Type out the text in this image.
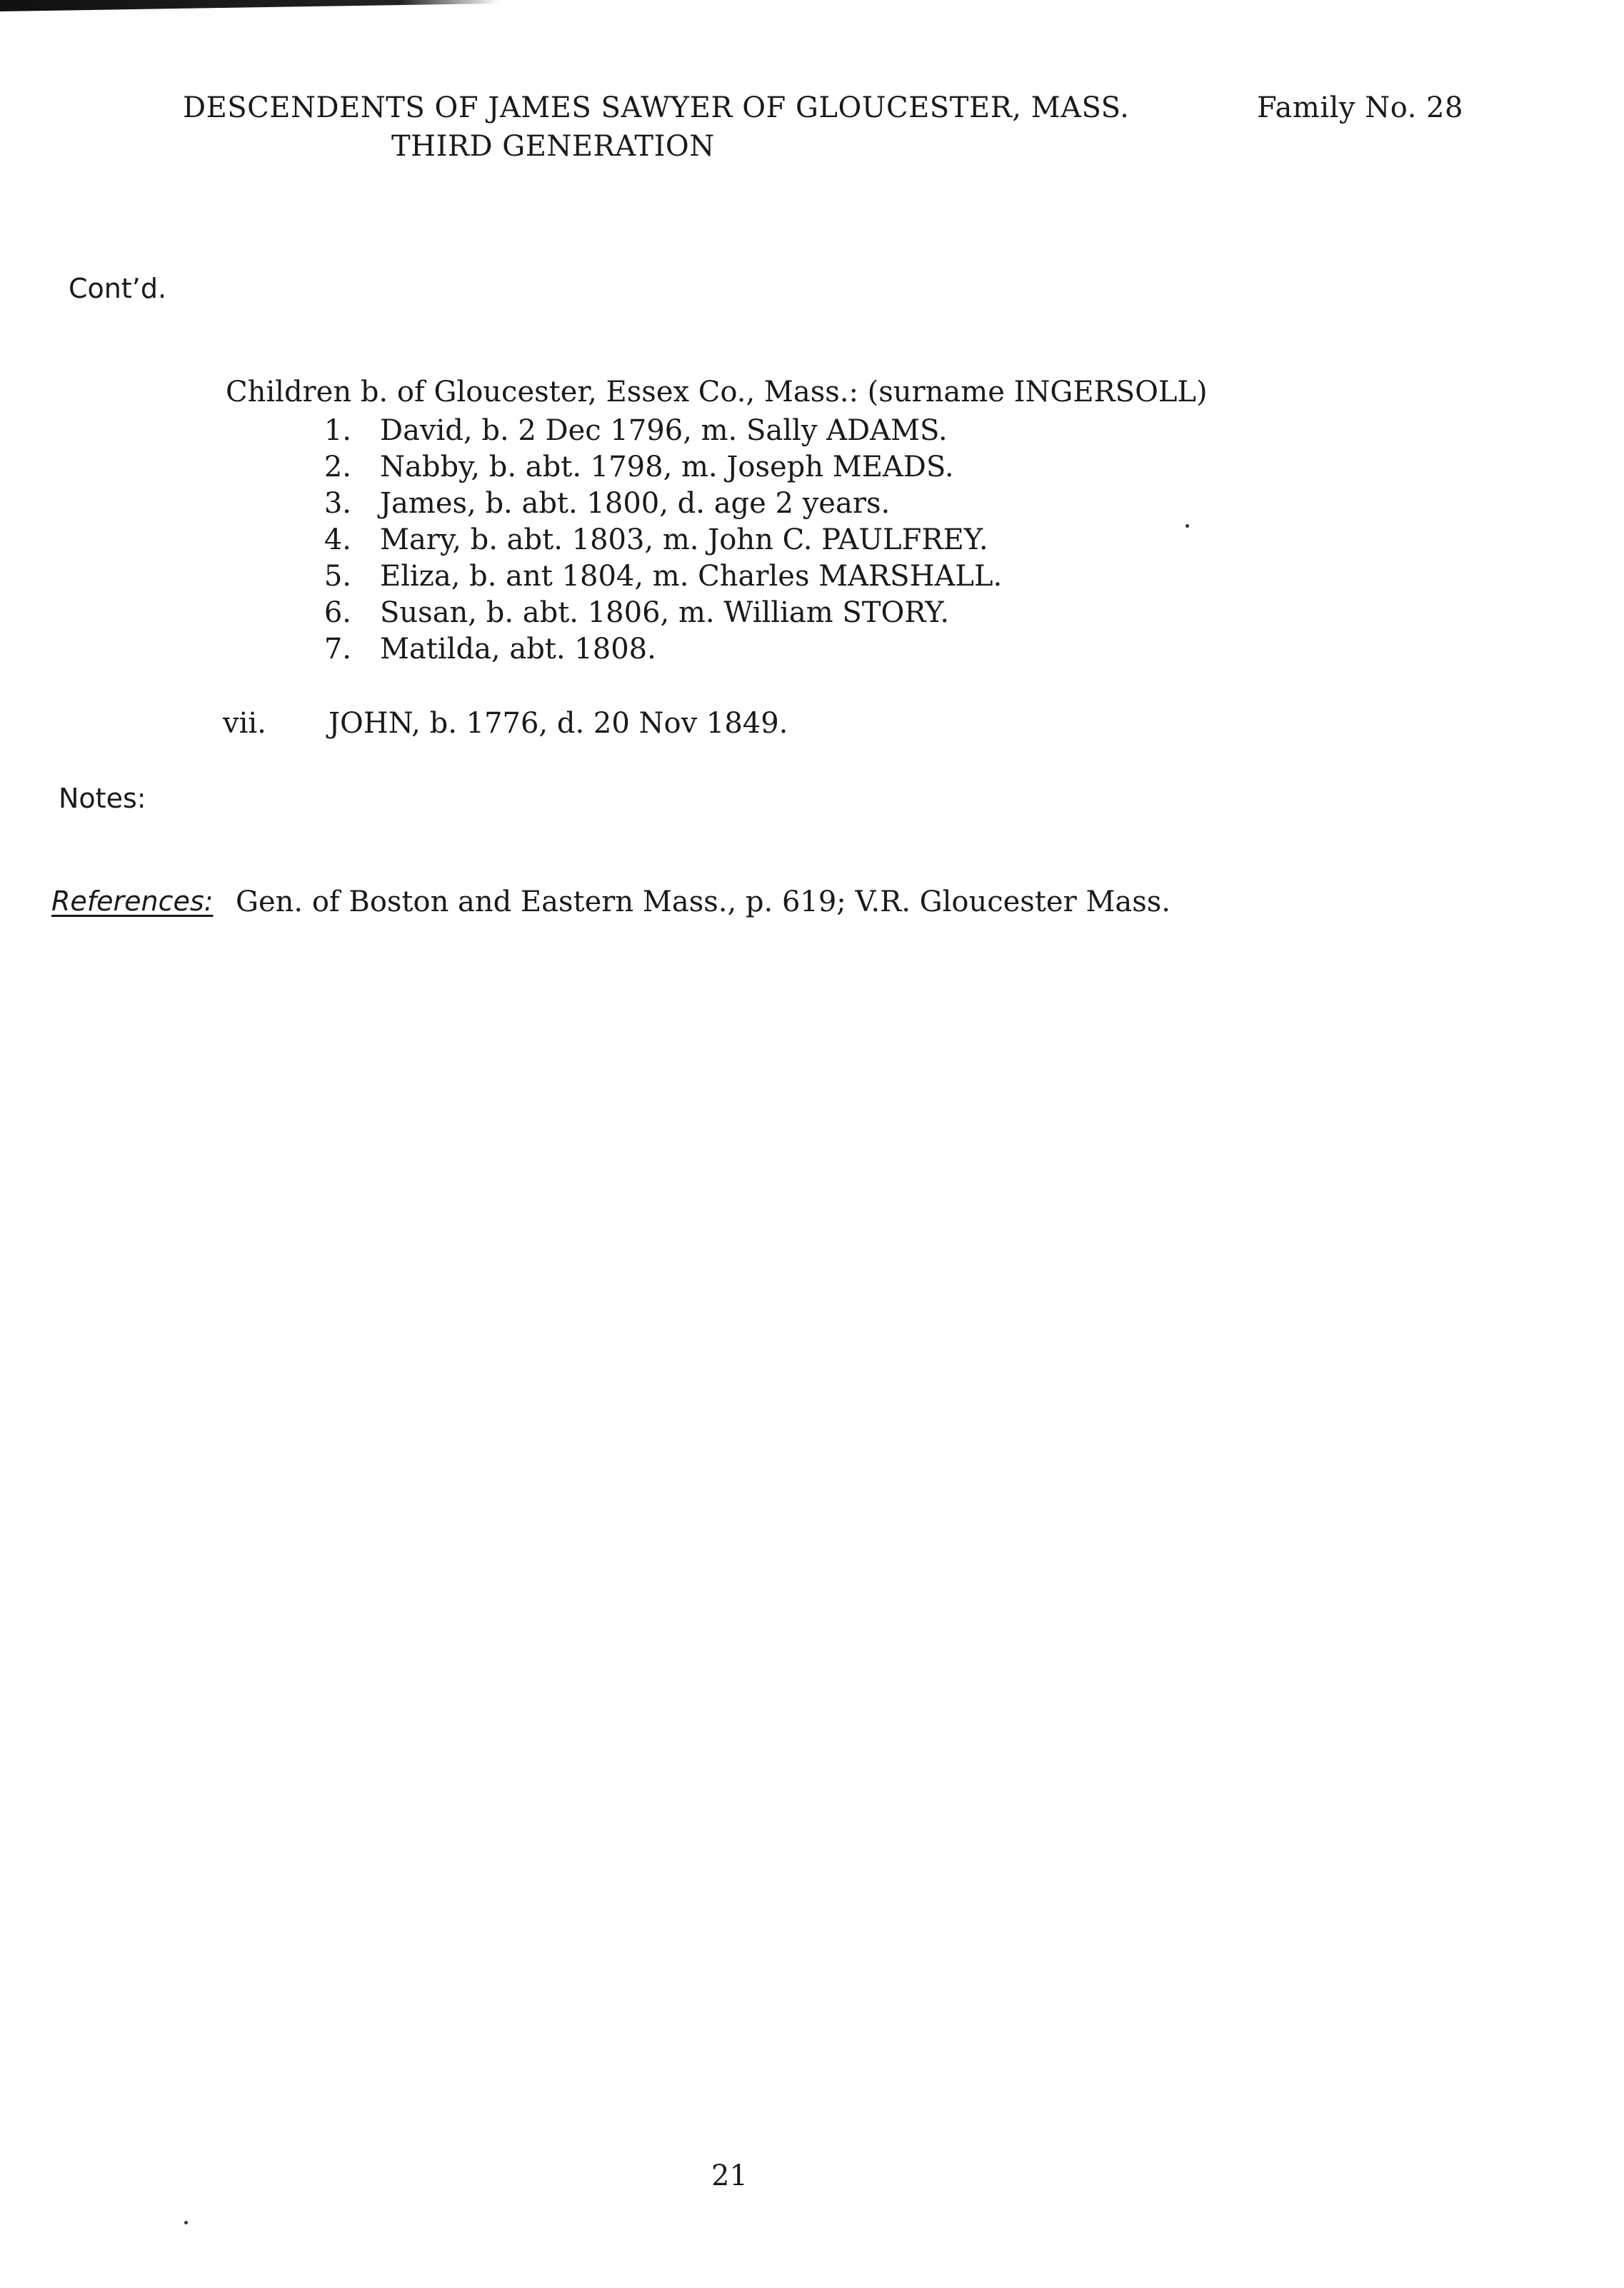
DESCENDENTS OF JAMES SAWYER OF GLOUCESTER, MASS.
THIRD GENERATION
Family No. 28
Cont’d.
Children b. of Gloucester, Essex Co., Mass.: (surname INGERSOLL)
1. David, b. 2 Dec 1796, m. Sally ADAMS.
2. Nabby, b. abt. 1798, m. Joseph MEADS.
3. James, b. abt. 1800, d. age 2 years.
4. Mary, b. abt. 1803, m. John C. PAULFREY.
5. Eliza, b. ant 1804, m. Charles MARSHALL.
6. Susan, b. abt. 1806, m. William STORY.
7. Matilda, abt. 1808.
vii. JOHN, b. 1776, d. 20 Nov 1849.
Notes:
References: Gen. of Boston and Eastern Mass., p. 619; V.R. Gloucester Mass.
21
